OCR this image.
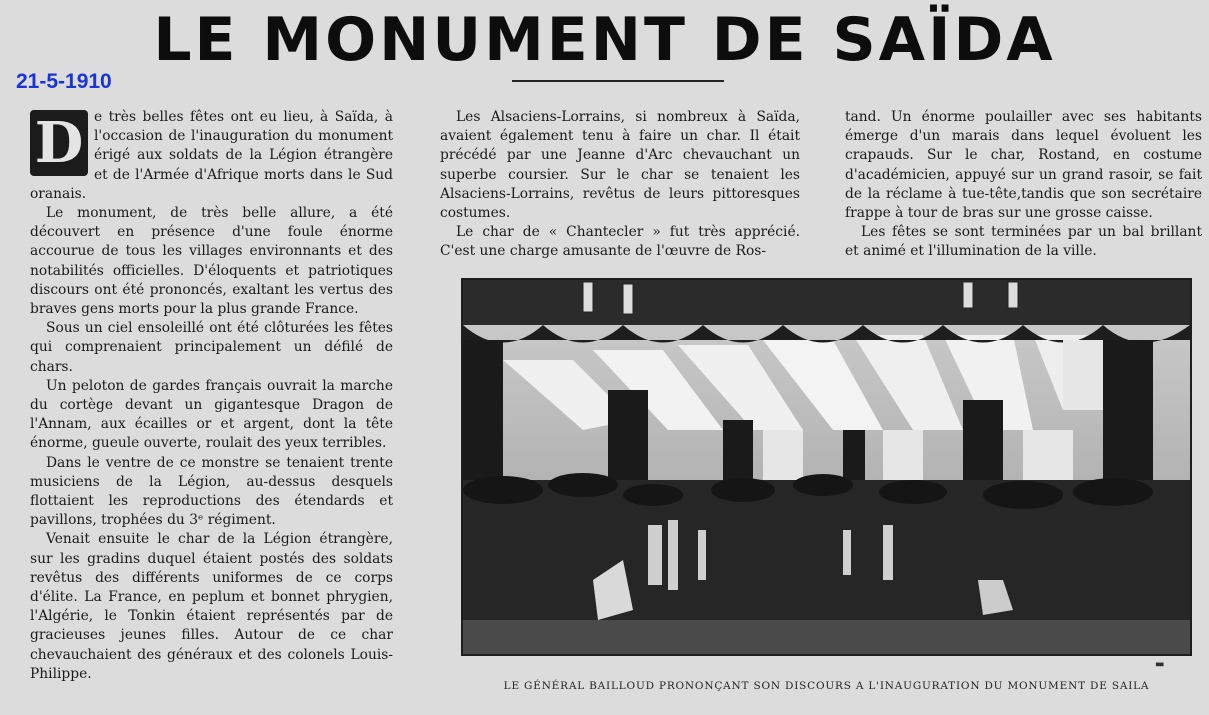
LE MONUMENT DE SAÏDA
21-5-1910

D e très belles fêtes ont eu lieu, à Saïda, à l'occasion de l'inauguration du monument érigé aux soldats de la Légion étrangère et de l'Armée d'Afrique morts dans le Sud oranais.

Le monument, de très belle allure, a été découvert en présence d'une foule énorme accourue de tous les villages environnants et des notabilités officielles. D'éloquents et patriotiques discours ont été prononcés, exaltant les vertus des braves gens morts pour la plus grande France.

Sous un ciel ensoleillé ont été clôturées les fêtes qui comprenaient principalement un défilé de chars.

Un peloton de gardes français ouvrait la marche du cortège devant un gigantesque Dragon de l'Annam, aux écailles or et argent, dont la tête énorme, gueule ouverte, roulait des yeux terribles.

Dans le ventre de ce monstre se tenaient trente musiciens de la Légion, au-dessus desquels flottaient les reproductions des étendards et pavillons, trophées du 3ᵉ régiment.

Venait ensuite le char de la Légion étrangère, sur les gradins duquel étaient postés des soldats revêtus des différents uniformes de ce corps d'élite. La France, en peplum et bonnet phrygien, l'Algérie, le Tonkin étaient représentés par de gracieuses jeunes filles. Autour de ce char chevauchaient des généraux et des colonels Louis-Philippe.

Les Alsaciens-Lorrains, si nombreux à Saïda, avaient également tenu à faire un char. Il était précédé par une Jeanne d'Arc chevauchant un superbe coursier. Sur le char se tenaient les Alsaciens-Lorrains, revêtus de leurs pittoresques costumes.

Le char de « Chantecler » fut très apprécié. C'est une charge amusante de l'œuvre de Ros-

tand. Un énorme poulailler avec ses habitants émerge d'un marais dans lequel évoluent les crapauds. Sur le char, Rostand, en costume d'académicien, appuyé sur un grand rasoir, se fait de la réclame à tue-tête,tandis que son secrétaire frappe à tour de bras sur une grosse caisse.

Les fêtes se sont terminées par un bal brillant et animé et l'illumination de la ville.

LE GÉNÉRAL BAILLOUD PRONONÇANT SON DISCOURS A L'INAUGURATION DU MONUMENT DE SAILA
▬
